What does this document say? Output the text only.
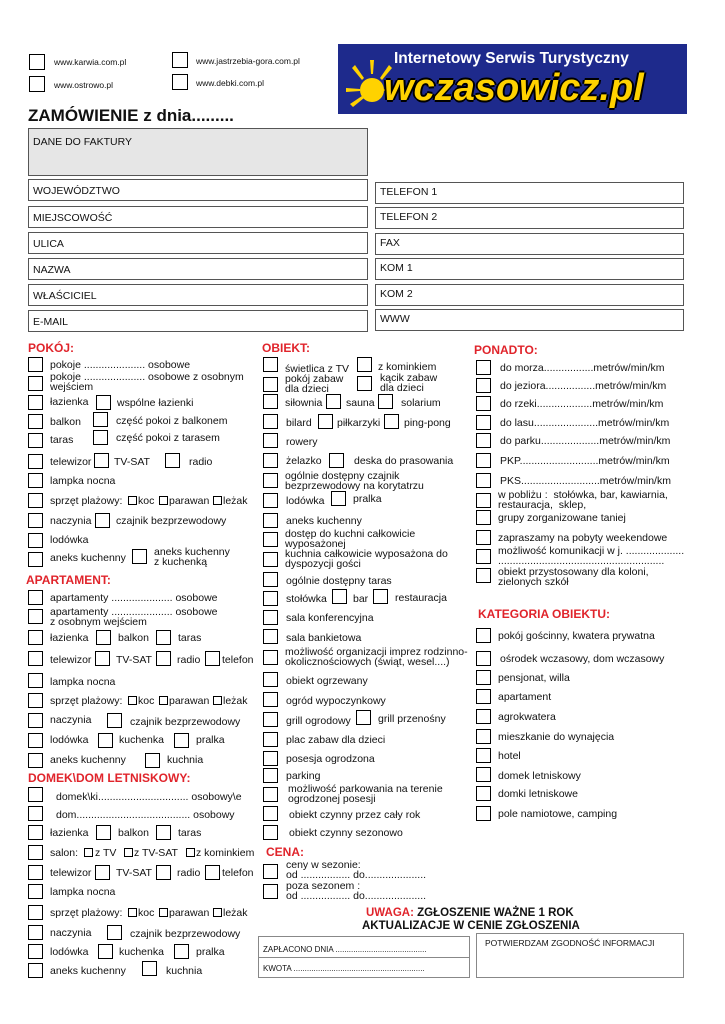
www.karwia.com.pl
www.ostrowo.pl
www.jastrzebia-gora.com.pl
www.debki.com.pl
Internetowy Serwis Turystyczny
wczasowicz.pl
ZAMÓWIENIE z dnia.........
DANE DO FAKTURY
WOJEWÓDZTWO
MIEJSCOWOŚĆ
ULICA
NAZWA
WŁAŚCICIEL
E-MAIL
TELEFON 1
TELEFON 2
FAX
KOM 1
KOM 2
WWW
POKÓJ:
pokoje ..................... osobowe
pokoje ..................... osobowe z osobnym
wejściem
łazienka	wspólne łazienki
balkon	część pokoi z balkonem
taras	część pokoi z tarasem
telewizor TV-SAT	radio
lampka nocna
sprzęt plażowy: koc parawan leżak
naczynia czajnik bezprzewodowy
lodówka
aneks kuchenny	aneks kuchenny
z kuchenką
APARTAMENT:
apartamenty ..................... osobowe
apartamenty ..................... osobowe
z osobnym wejściem
łazienka	balkon	taras
telewizor TV-SAT radio telefon
lampka nocna
sprzęt plażowy: koc parawan leżak
naczynia	czajnik bezprzewodowy
lodówka	kuchenka	pralka
aneks kuchenny	kuchnia
DOMEK\DOM LETNISKOWY:
domek\ki............................... osobowy\e
dom....................................... osobowy
łazienka	balkon	taras
salon: z TV z TV-SAT z kominkiem
telewizor TV-SAT radio telefon
lampka nocna
sprzęt plażowy: koc parawan leżak
naczynia	czajnik bezprzewodowy
lodówka	kuchenka	pralka
aneks kuchenny	kuchnia
OBIEKT:
świetlica z TV	z kominkiem
pokój zabaw
dla dzieci
kącik zabaw
dla dzieci
siłownia sauna	solarium
bilard piłkarzyki ping-pong
rowery
żelazko	deska do prasowania
ogólnie dostępny czajnik
bezprzewodowy na korytatrzu
lodówka	pralka
aneks kuchenny
dostęp do kuchni całkowicie
wyposażonej
kuchnia całkowicie wyposażona do
dyspozycji gości
ogólnie dostępny taras
stołówka bar	restauracja
sala konferencyjna
sala bankietowa
możliwość organizacji imprez rodzinno-
okolicznościowych (świąt, wesel....)
obiekt ogrzewany
ogród wypoczynkowy
grill ogrodowy	grill przenośny
plac zabaw dla dzieci
posesja ogrodzona
parking
możliwość parkowania na terenie
ogrodzonej posesji
obiekt czynny przez cały rok
obiekt czynny sezonowo
CENA:
ceny w sezonie:
od ................. do.....................
poza sezonem :
od ................. do.....................
PONADTO:
do morza.................metrów/min/km
do jeziora.................metrów/min/km
do rzeki...................metrów/min/km
do lasu......................metrów/min/km
do parku....................metrów/min/km
PKP...........................metrów/min/km
PKS...........................metrów/min/km
w pobliżu :  stołówka, bar, kawiarnia,
restauracja,  sklep,
grupy zorganizowane taniej
zapraszamy na pobyty weekendowe
możliwość komunikacji w j. ....................
.........................................................
obiekt przystosowany dla koloni,
zielonych szkół
KATEGORIA OBIEKTU:
pokój gościnny, kwatera prywatna
ośrodek wczasowy, dom wczasowy
pensjonat, willa
apartament
agrokwatera
mieszkanie do wynajęcia
hotel
domek letniskowy
domki letniskowe
pole namiotowe, camping
UWAGA: ZGŁOSZENIE WAŻNE 1 ROK
AKTUALIZACJE W CENIE ZGŁOSZENIA
ZAPŁACONO DNIA .........................................
KWOTA ...........................................................
POTWIERDZAM ZGODNOŚĆ INFORMACJI
